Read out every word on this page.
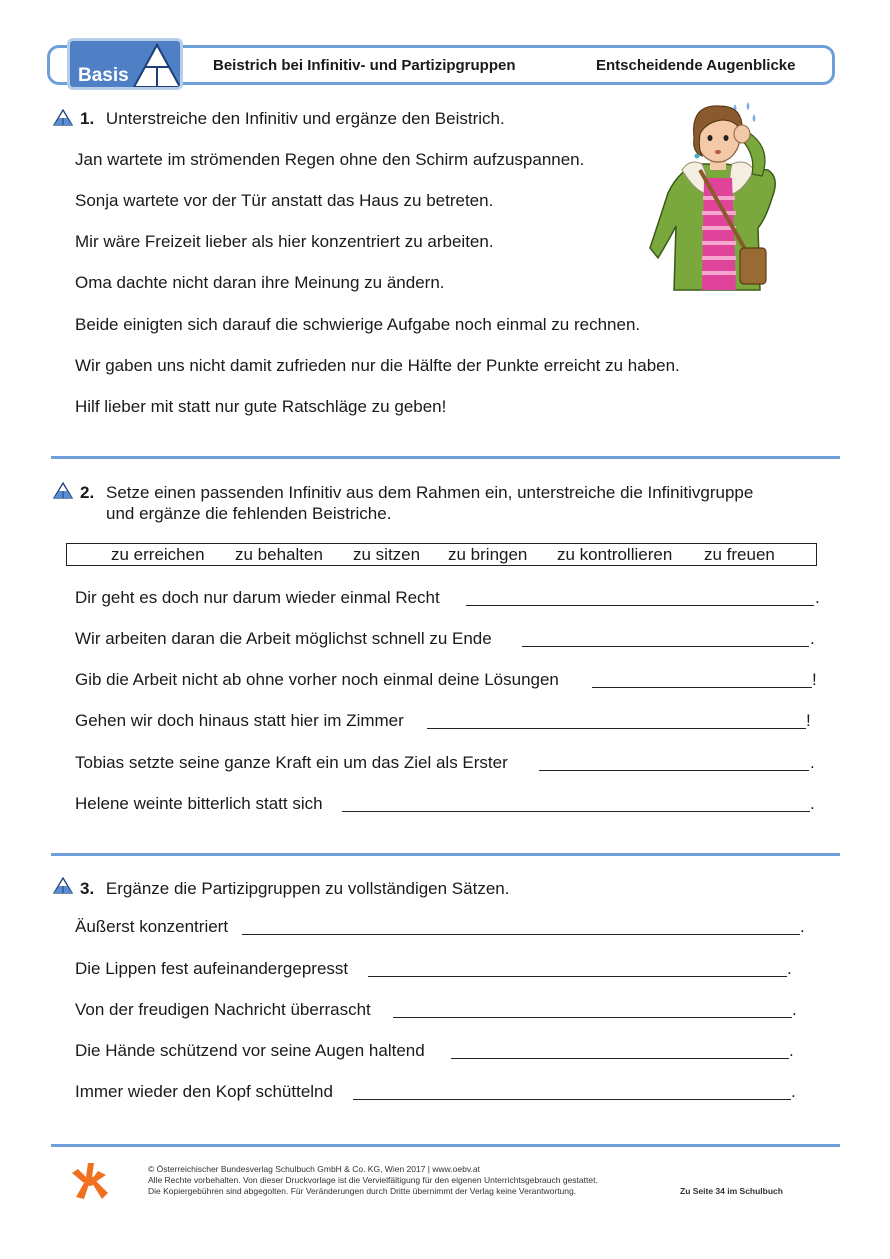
Basis	Beistrich bei Infinitiv- und Partizipgruppen	Entscheidende Augenblicke
1. Unterstreiche den Infinitiv und ergänze den Beistrich.
Jan wartete im strömenden Regen ohne den Schirm aufzuspannen.
Sonja wartete vor der Tür anstatt das Haus zu betreten.
Mir wäre Freizeit lieber als hier konzentriert zu arbeiten.
Oma dachte nicht daran ihre Meinung zu ändern.
Beide einigten sich darauf die schwierige Aufgabe noch einmal zu rechnen.
Wir gaben uns nicht damit zufrieden nur die Hälfte der Punkte erreicht zu haben.
Hilf lieber mit statt nur gute Ratschläge zu geben!
2. Setze einen passenden Infinitiv aus dem Rahmen ein, unterstreiche die Infinitivgruppe
und ergänze die fehlenden Beistriche.
zu erreichen zu behalten zu sitzen zu bringen zu kontrollieren zu freuen
Dir geht es doch nur darum wieder einmal Recht	.
Wir arbeiten daran die Arbeit möglichst schnell zu Ende	.
Gib die Arbeit nicht ab ohne vorher noch einmal deine Lösungen	!
Gehen wir doch hinaus statt hier im Zimmer	!
Tobias setzte seine ganze Kraft ein um das Ziel als Erster	.
Helene weinte bitterlich statt sich	.
3. Ergänze die Partizipgruppen zu vollständigen Sätzen.
Äußerst konzentriert	.
Die Lippen fest aufeinandergepresst	.
Von der freudigen Nachricht überrascht	.
Die Hände schützend vor seine Augen haltend	.
Immer wieder den Kopf schüttelnd	.
© Österreichischer Bundesverlag Schulbuch GmbH & Co. KG, Wien 2017 | www.oebv.at
Alle Rechte vorbehalten. Von dieser Druckvorlage ist die Vervielfältigung für den eigenen Unterrichtsgebrauch gestattet.
Die Kopiergebühren sind abgegolten. Für Veränderungen durch Dritte übernimmt der Verlag keine Verantwortung.	Zu Seite 34 im Schulbuch
